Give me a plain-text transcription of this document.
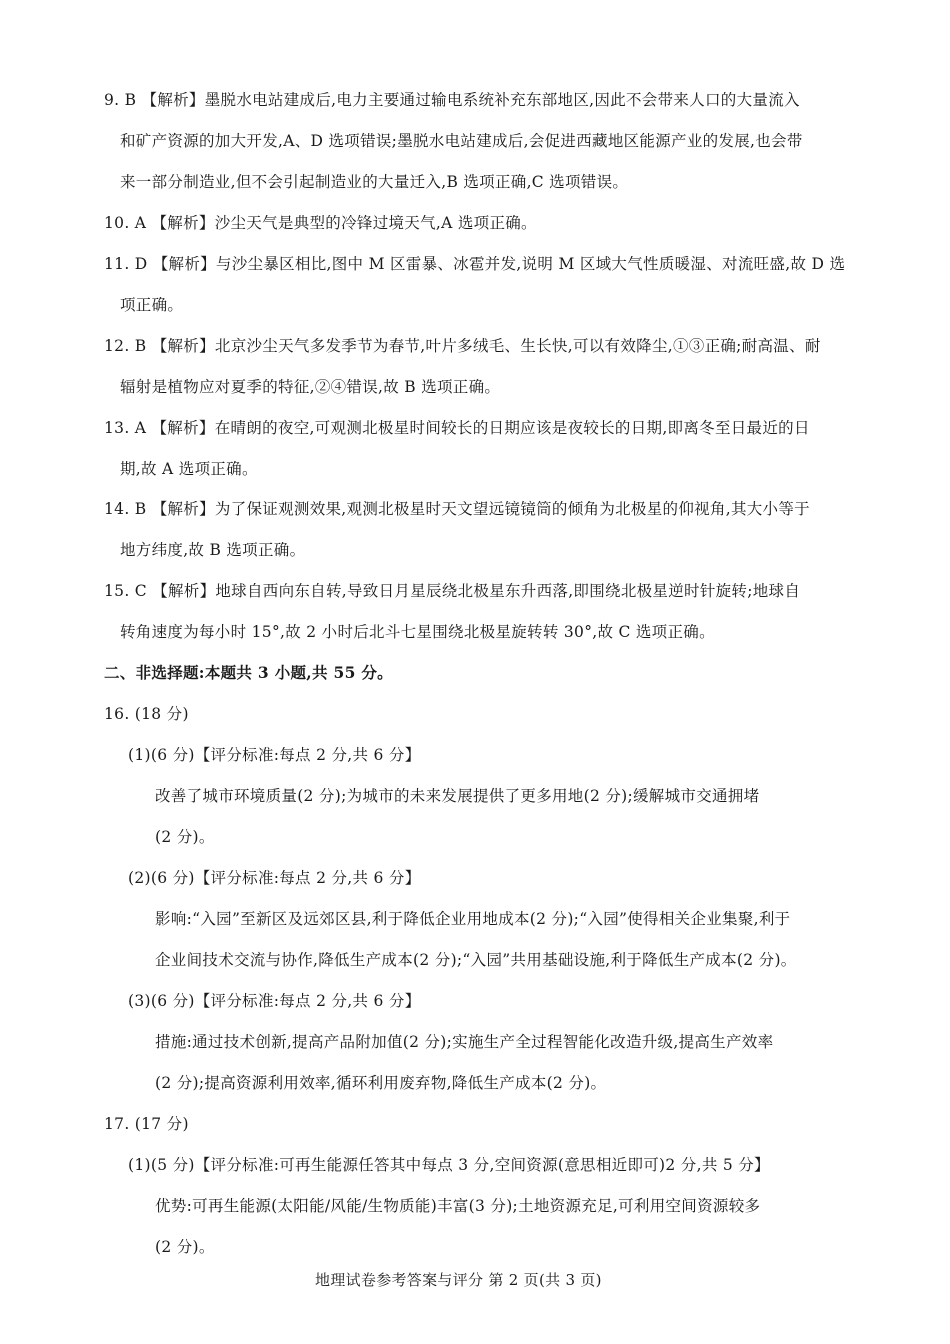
9. B 【解析】墨脱水电站建成后,电力主要通过输电系统补充东部地区,因此不会带来人口的大量流入
和矿产资源的加大开发,A、D 选项错误;墨脱水电站建成后,会促进西藏地区能源产业的发展,也会带
来一部分制造业,但不会引起制造业的大量迁入,B 选项正确,C 选项错误。
10. A 【解析】沙尘天气是典型的冷锋过境天气,A 选项正确。
11. D 【解析】与沙尘暴区相比,图中 M 区雷暴、冰雹并发,说明 M 区域大气性质暖湿、对流旺盛,故 D 选
项正确。
12. B 【解析】北京沙尘天气多发季节为春节,叶片多绒毛、生长快,可以有效降尘,①③正确;耐高温、耐
辐射是植物应对夏季的特征,②④错误,故 B 选项正确。
13. A 【解析】在晴朗的夜空,可观测北极星时间较长的日期应该是夜较长的日期,即离冬至日最近的日
期,故 A 选项正确。
14. B 【解析】为了保证观测效果,观测北极星时天文望远镜镜筒的倾角为北极星的仰视角,其大小等于
地方纬度,故 B 选项正确。
15. C 【解析】地球自西向东自转,导致日月星辰绕北极星东升西落,即围绕北极星逆时针旋转;地球自
转角速度为每小时 15°,故 2 小时后北斗七星围绕北极星旋转转 30°,故 C 选项正确。
二、非选择题:本题共 3 小题,共 55 分。
16. (18 分)
(1)(6 分)【评分标准:每点 2 分,共 6 分】
改善了城市环境质量(2 分);为城市的未来发展提供了更多用地(2 分);缓解城市交通拥堵
(2 分)。
(2)(6 分)【评分标准:每点 2 分,共 6 分】
影响:“入园”至新区及远郊区县,利于降低企业用地成本(2 分);“入园”使得相关企业集聚,利于
企业间技术交流与协作,降低生产成本(2 分);“入园”共用基础设施,利于降低生产成本(2 分)。
(3)(6 分)【评分标准:每点 2 分,共 6 分】
措施:通过技术创新,提高产品附加值(2 分);实施生产全过程智能化改造升级,提高生产效率
(2 分);提高资源利用效率,循环利用废弃物,降低生产成本(2 分)。
17. (17 分)
(1)(5 分)【评分标准:可再生能源任答其中每点 3 分,空间资源(意思相近即可)2 分,共 5 分】
优势:可再生能源(太阳能/风能/生物质能)丰富(3 分);土地资源充足,可利用空间资源较多
(2 分)。
地理试卷参考答案与评分 第 2 页(共 3 页)
